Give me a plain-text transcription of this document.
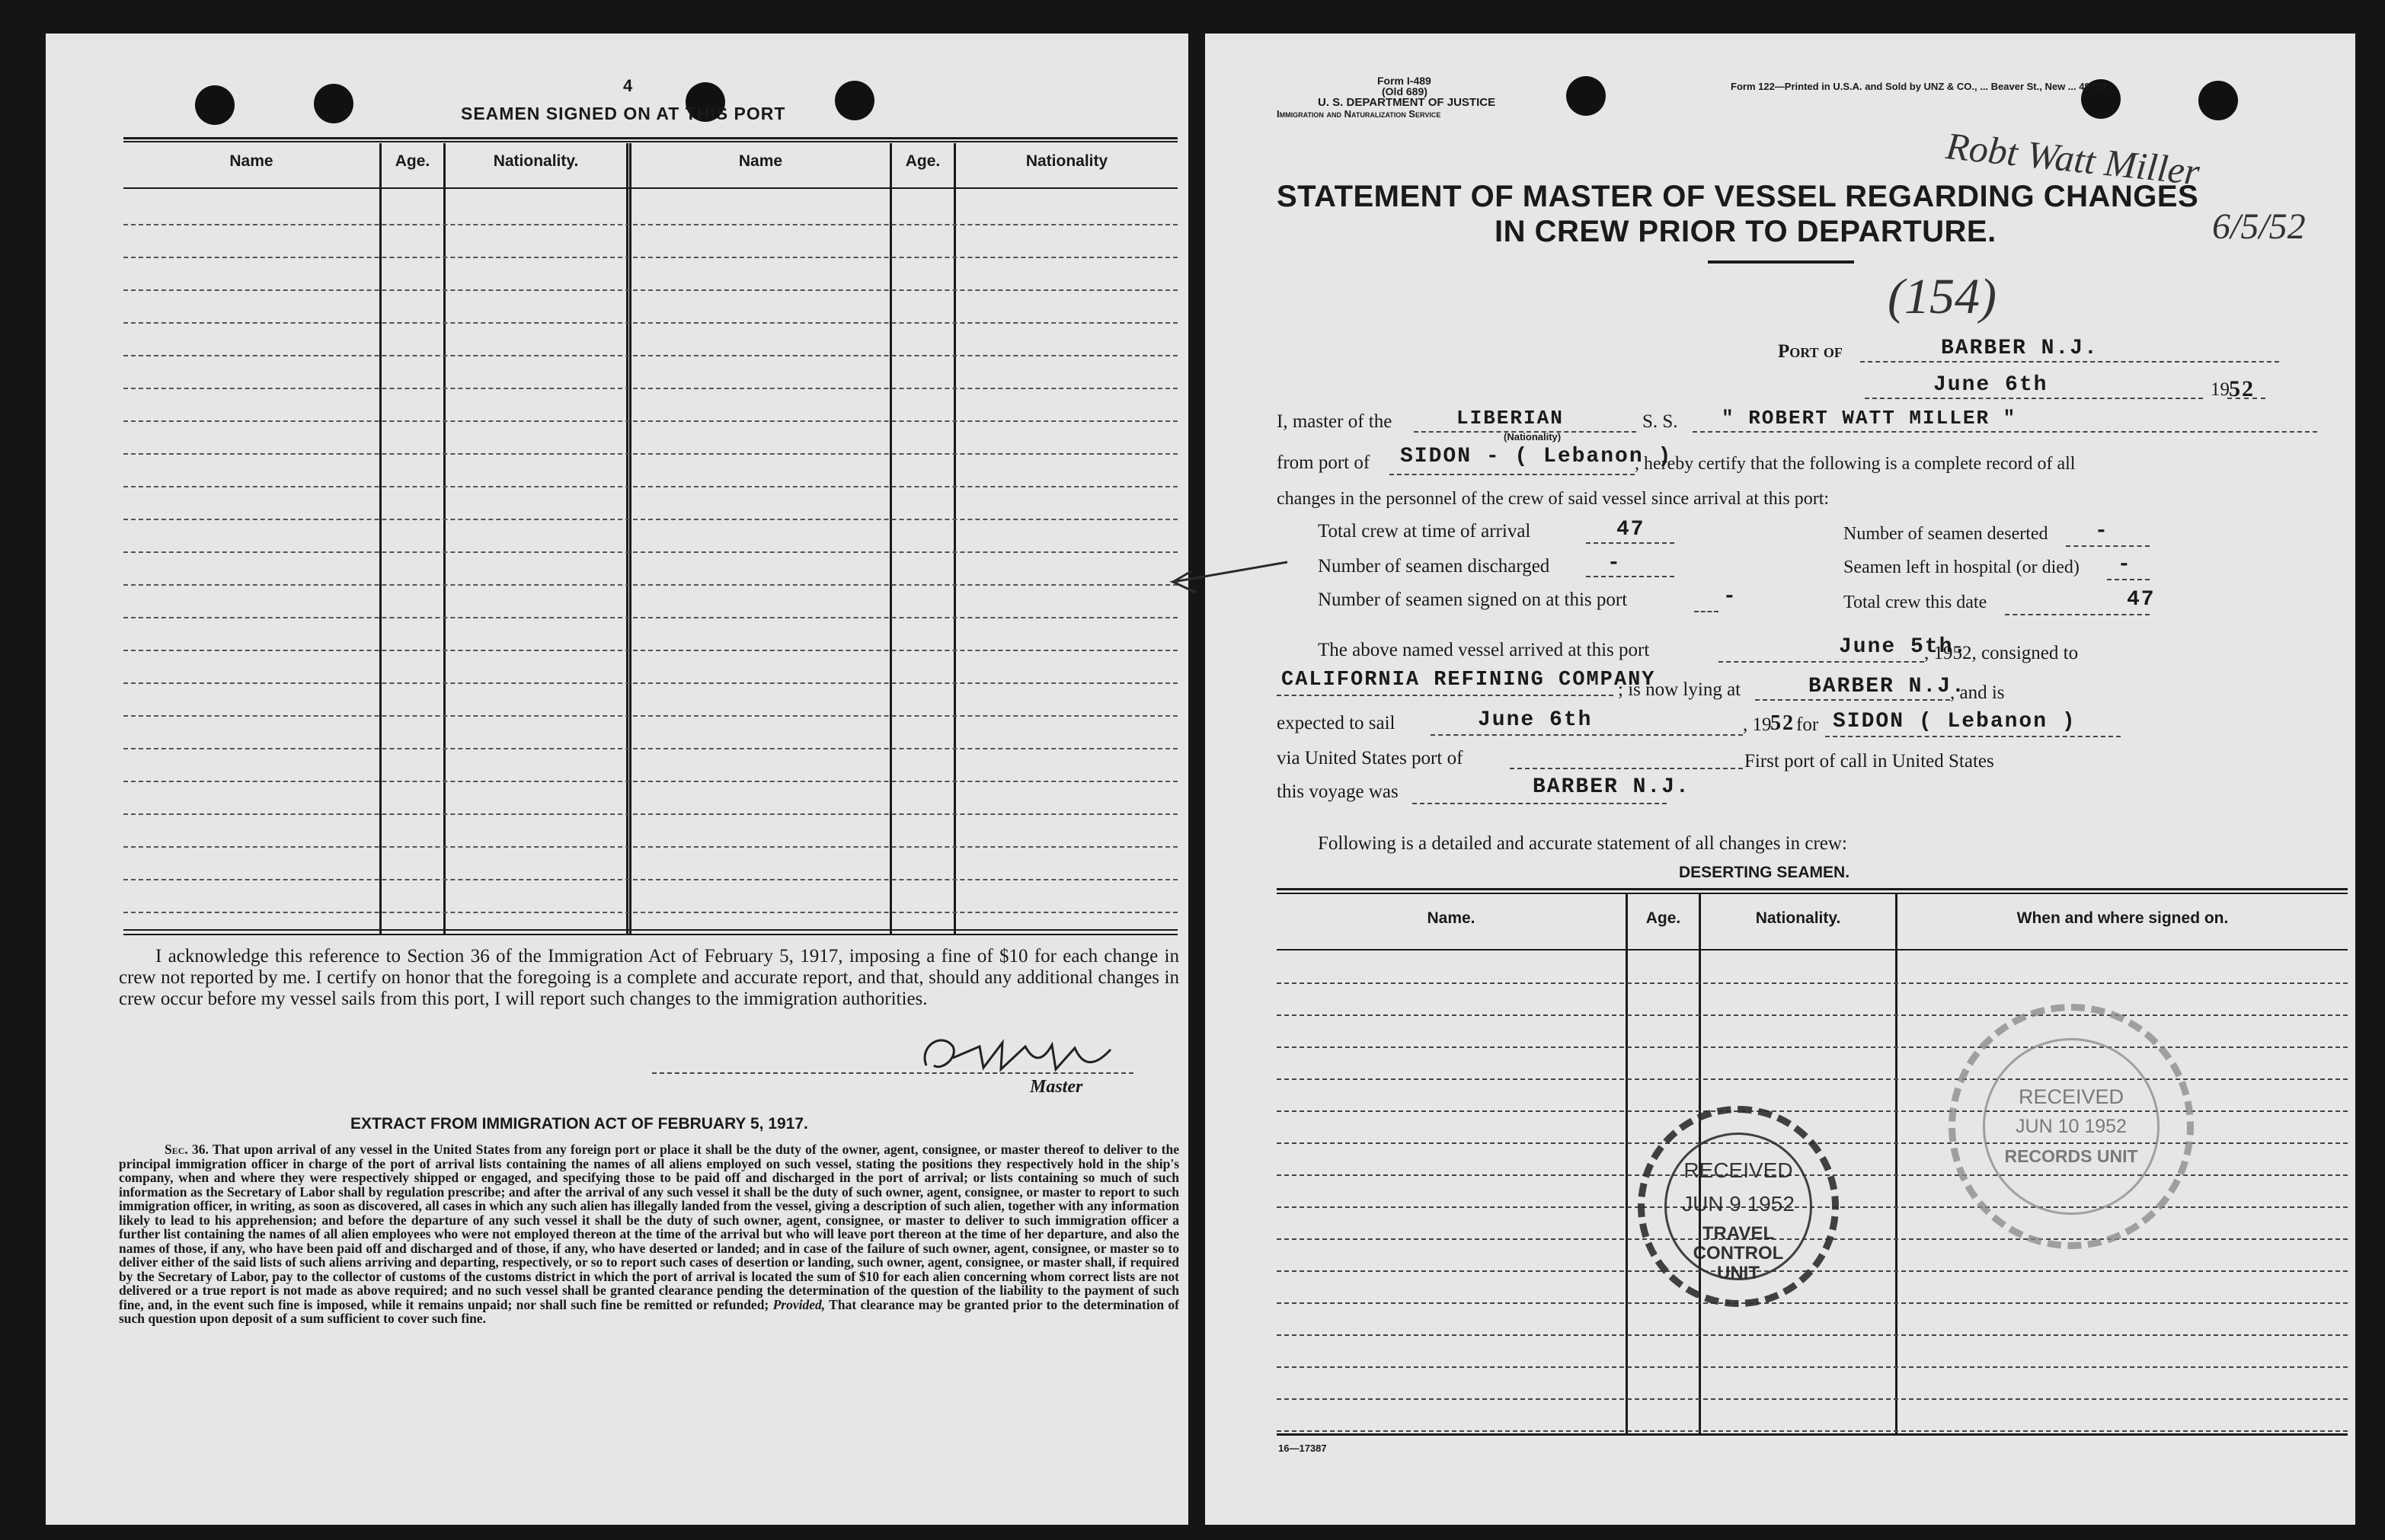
4
SEAMEN SIGNED ON AT THIS PORT
Name	Age.	Nationality.	Name	Age.	Nationality
I acknowledge this reference to Section 36 of the Immigration Act of February 5, 1917, imposing a fine of $10 for each change in crew not reported by me. I certify on honor that the foregoing is a complete and accurate report, and that, should any additional changes in crew occur before my vessel sails from this port, I will report such changes to the immigration authorities.
Master
EXTRACT FROM IMMIGRATION ACT OF FEBRUARY 5, 1917.
Sec. 36. That upon arrival of any vessel in the United States from any foreign port or place it shall be the duty of the owner, agent, consignee, or master thereof to deliver to the principal immigration officer in charge of the port of arrival lists containing the names of all aliens employed on such vessel, stating the positions they respectively hold in the ship's company, when and where they were respectively shipped or engaged, and specifying those to be paid off and discharged in the port of arrival; or lists containing so much of such information as the Secretary of Labor shall by regulation prescribe; and after the arrival of any such vessel it shall be the duty of such owner, agent, consignee, or master to report to such immigration officer, in writing, as soon as discovered, all cases in which any such alien has illegally landed from the vessel, giving a description of such alien, together with any information likely to lead to his apprehension; and before the departure of any such vessel it shall be the duty of such owner, agent, consignee, or master to deliver to such immigration officer a further list containing the names of all alien employees who were not employed thereon at the time of the arrival but who will leave port thereon at the time of her departure, and also the names of those, if any, who have been paid off and discharged and of those, if any, who have deserted or landed; and in case of the failure of such owner, agent, consignee, or master so to deliver either of the said lists of such aliens arriving and departing, respectively, or so to report such cases of desertion or landing, such owner, agent, consignee, or master shall, if required by the Secretary of Labor, pay to the collector of customs of the customs district in which the port of arrival is located the sum of $10 for each alien concerning whom correct lists are not delivered or a true report is not made as above required; and no such vessel shall be granted clearance pending the determination of the question of the liability to the payment of such fine, and, in the event such fine is imposed, while it remains unpaid; nor shall such fine be remitted or refunded; Provided, That clearance may be granted prior to the determination of such question upon deposit of a sum sufficient to cover such fine.
Form I-489
(Old 689)
U. S. DEPARTMENT OF JUSTICE
Immigration and Naturalization Service
Form 122—Printed in U.S.A. and Sold by UNZ & CO., ... Beaver St., New ... 49773
Robt Watt Miller
6/5/52
(154)
STATEMENT OF MASTER OF VESSEL REGARDING CHANGES
IN CREW PRIOR TO DEPARTURE.
Port of	BARBER N.J.
June 6th	19 52
I, master of the	LIBERIAN
(Nationality)
S. S. " ROBERT WATT MILLER "
from port of SIDON - ( Lebanon )
, hereby certify that the following is a complete record of all
changes in the personnel of the crew of said vessel since arrival at this port:
Total crew at time of arrival	47	Number of seamen deserted -
Number of seamen discharged	-	Seamen left in hospital (or died) -
Number of seamen signed on at this port	-	Total crew this date	47
The above named vessel arrived at this port	June 5th.
, 1952, consigned to
CALIFORNIA REFINING COMPANY
; is now lying at	BARBER N.J.
, and is
expected to sail	June 6th	, 19
52 for SIDON ( Lebanon )
via United States port of	First port of call in United States
this voyage was	BARBER N.J.
Following is a detailed and accurate statement of all changes in crew:
DESERTING SEAMEN.
Name.	Age.	Nationality.	When and where signed on.
16—17387
RECEIVED
JUN 9 1952
TRAVEL CONTROL UNIT
RECEIVED
JUN 10 1952
RECORDS UNIT
